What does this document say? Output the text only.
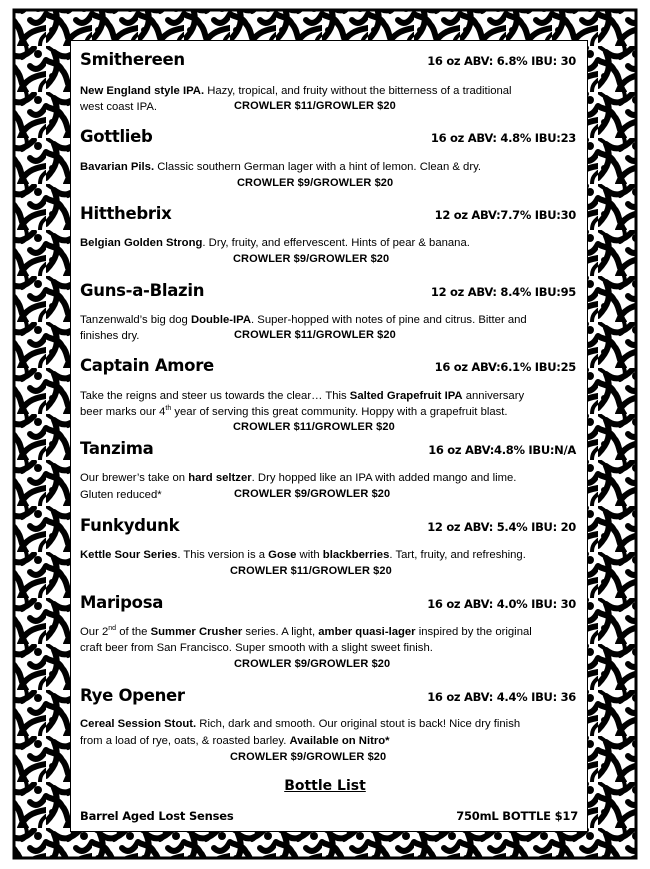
Smithereen	16 oz ABV: 6.8% IBU: 30
New England style IPA. Hazy, tropical, and fruity without the bitterness of a traditional
west coast IPA.	CROWLER $11/GROWLER $20
Gottlieb	16 oz ABV: 4.8% IBU:23
Bavarian Pils. Classic southern German lager with a hint of lemon. Clean & dry.
CROWLER $9/GROWLER $20
Hitthebrix	12 oz ABV:7.7% IBU:30
Belgian Golden Strong. Dry, fruity, and effervescent. Hints of pear & banana.
CROWLER $9/GROWLER $20
Guns-a-Blazin	12 oz ABV: 8.4% IBU:95
Tanzenwald’s big dog Double-IPA. Super-hopped with notes of pine and citrus. Bitter and
finishes dry.	CROWLER $11/GROWLER $20
Captain Amore	16 oz ABV:6.1% IBU:25
Take the reigns and steer us towards the clear… This Salted Grapefruit IPA anniversary
beer marks our 4th year of serving this great community. Hoppy with a grapefruit blast.
CROWLER $11/GROWLER $20
Tanzima	16 oz ABV:4.8% IBU:N/A
Our brewer’s take on hard seltzer. Dry hopped like an IPA with added mango and lime.
Gluten reduced*	CROWLER $9/GROWLER $20
Funkydunk	12 oz ABV: 5.4% IBU: 20
Kettle Sour Series. This version is a Gose with blackberries. Tart, fruity, and refreshing.
CROWLER $11/GROWLER $20
Mariposa	16 oz ABV: 4.0% IBU: 30
Our 2nd of the Summer Crusher series. A light, amber quasi-lager inspired by the original
craft beer from San Francisco. Super smooth with a slight sweet finish.
CROWLER $9/GROWLER $20
Rye Opener	16 oz ABV: 4.4% IBU: 36
Cereal Session Stout. Rich, dark and smooth. Our original stout is back! Nice dry finish
from a load of rye, oats, & roasted barley. Available on Nitro*
CROWLER $9/GROWLER $20
Bottle List
Barrel Aged Lost Senses	750mL BOTTLE $17
